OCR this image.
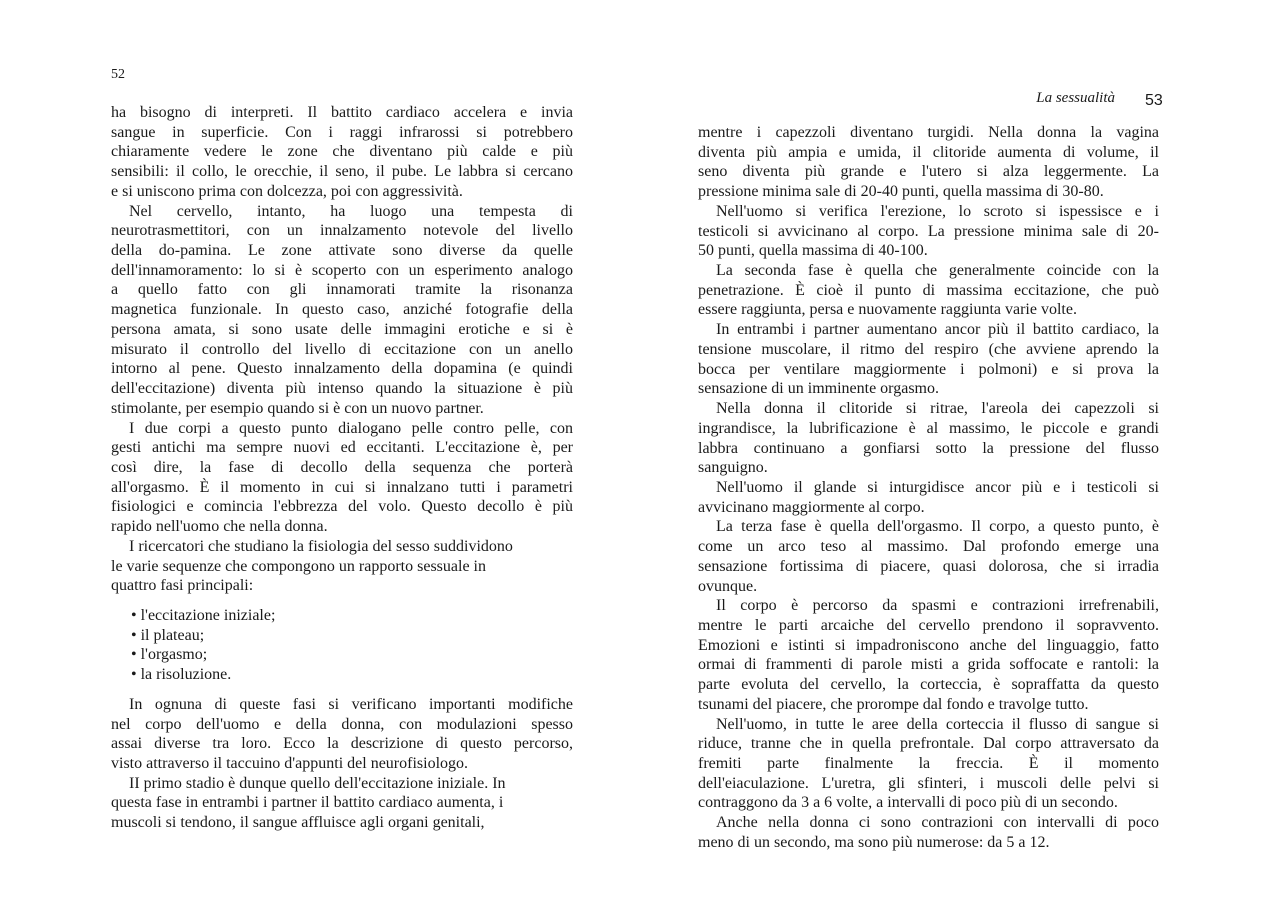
52
ha bisogno di interpreti. Il battito cardiaco accelera e invia
sangue in superficie. Con i raggi infrarossi si potrebbero
chiaramente vedere le zone che diventano più calde e più
sensibili: il collo, le orecchie, il seno, il pube. Le labbra si cercano
e si uniscono prima con dolcezza, poi con aggressività.
Nel cervello, intanto, ha luogo una tempesta di
neurotrasmettitori, con un innalzamento notevole del livello
della do-pamina. Le zone attivate sono diverse da quelle
dell'innamoramento: lo si è scoperto con un esperimento analogo
a quello fatto con gli innamorati tramite la risonanza
magnetica funzionale. In questo caso, anziché fotografie della
persona amata, si sono usate delle immagini erotiche e si è
misurato il controllo del livello di eccitazione con un anello
intorno al pene. Questo innalzamento della dopamina (e quindi
dell'eccitazione) diventa più intenso quando la situazione è più
stimolante, per esempio quando si è con un nuovo partner.
I due corpi a questo punto dialogano pelle contro pelle, con
gesti antichi ma sempre nuovi ed eccitanti. L'eccitazione è, per
così dire, la fase di decollo della sequenza che porterà
all'orgasmo. È il momento in cui si innalzano tutti i parametri
fisiologici e comincia l'ebbrezza del volo. Questo decollo è più
rapido nell'uomo che nella donna.
I ricercatori che studiano la fisiologia del sesso suddividono
le varie sequenze che compongono un rapporto sessuale in
quattro fasi principali:
• l'eccitazione iniziale;
• il plateau;
• l'orgasmo;
• la risoluzione.
In ognuna di queste fasi si verificano importanti modifiche
nel corpo dell'uomo e della donna, con modulazioni spesso
assai diverse tra loro. Ecco la descrizione di questo percorso,
visto attraverso il taccuino d'appunti del neurofisiologo.
II primo stadio è dunque quello dell'eccitazione iniziale. In
questa fase in entrambi i partner il battito cardiaco aumenta, i
muscoli si tendono, il sangue affluisce agli organi genitali,
La sessualità 53
mentre i capezzoli diventano turgidi. Nella donna la vagina
diventa più ampia e umida, il clitoride aumenta di volume, il
seno diventa più grande e l'utero si alza leggermente. La
pressione minima sale di 20-40 punti, quella massima di 30-80.
Nell'uomo si verifica l'erezione, lo scroto si ispessisce e i
testicoli si avvicinano al corpo. La pressione minima sale di 20-
50 punti, quella massima di 40-100.
La seconda fase è quella che generalmente coincide con la
penetrazione. È cioè il punto di massima eccitazione, che può
essere raggiunta, persa e nuovamente raggiunta varie volte.
In entrambi i partner aumentano ancor più il battito cardiaco, la
tensione muscolare, il ritmo del respiro (che avviene aprendo la
bocca per ventilare maggiormente i polmoni) e si prova la
sensazione di un imminente orgasmo.
Nella donna il clitoride si ritrae, l'areola dei capezzoli si
ingrandisce, la lubrificazione è al massimo, le piccole e grandi
labbra continuano a gonfiarsi sotto la pressione del flusso
sanguigno.
Nell'uomo il glande si inturgidisce ancor più e i testicoli si
avvicinano maggiormente al corpo.
La terza fase è quella dell'orgasmo. Il corpo, a questo punto, è
come un arco teso al massimo. Dal profondo emerge una
sensazione fortissima di piacere, quasi dolorosa, che si irradia
ovunque.
Il corpo è percorso da spasmi e contrazioni irrefrenabili,
mentre le parti arcaiche del cervello prendono il sopravvento.
Emozioni e istinti si impadroniscono anche del linguaggio, fatto
ormai di frammenti di parole misti a grida soffocate e rantoli: la
parte evoluta del cervello, la corteccia, è sopraffatta da questo
tsunami del piacere, che prorompe dal fondo e travolge tutto.
Nell'uomo, in tutte le aree della corteccia il flusso di sangue si
riduce, tranne che in quella prefrontale. Dal corpo attraversato da
fremiti parte finalmente la freccia. È il momento
dell'eiaculazione. L'uretra, gli sfinteri, i muscoli delle pelvi si
contraggono da 3 a 6 volte, a intervalli di poco più di un secondo.
Anche nella donna ci sono contrazioni con intervalli di poco
meno di un secondo, ma sono più numerose: da 5 a 12.
